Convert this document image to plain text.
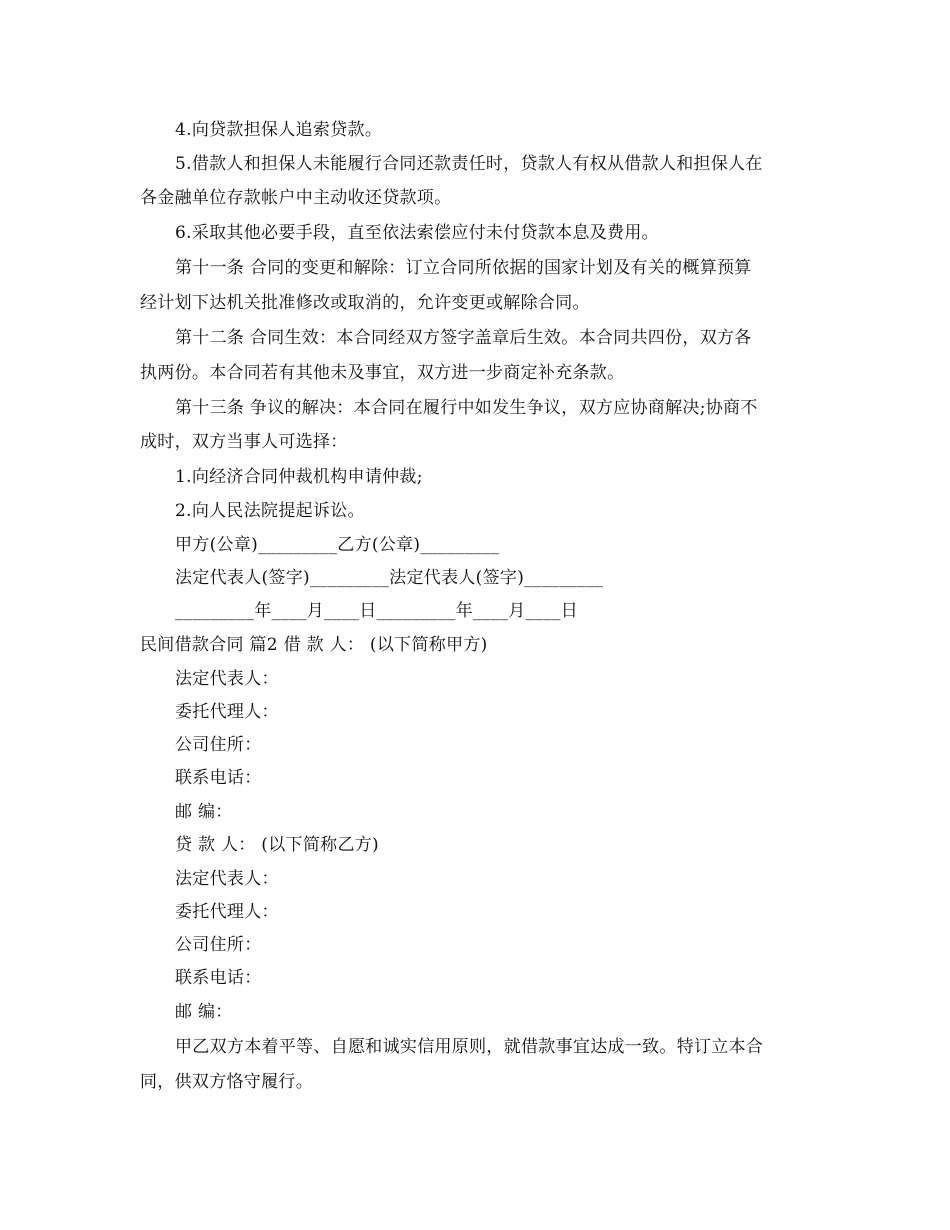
4.向贷款担保人追索贷款。
5.借款人和担保人未能履行合同还款责任时，贷款人有权从借款人和担保人在
各金融单位存款帐户中主动收还贷款项。
6.采取其他必要手段，直至依法索偿应付未付贷款本息及费用。
第十一条 合同的变更和解除：订立合同所依据的国家计划及有关的概算预算
经计划下达机关批准修改或取消的，允许变更或解除合同。
第十二条 合同生效：本合同经双方签字盖章后生效。本合同共四份，双方各
执两份。本合同若有其他未及事宜，双方进一步商定补充条款。
第十三条 争议的解决：本合同在履行中如发生争议，双方应协商解决;协商不
成时，双方当事人可选择：
1.向经济合同仲裁机构申请仲裁;
2.向人民法院提起诉讼。
甲方(公章)_________乙方(公章)_________
法定代表人(签字)_________法定代表人(签字)_________
_________年____月____日_________年____月____日
民间借款合同 篇2 借 款 人： (以下简称甲方)
法定代表人：
委托代理人：
公司住所：
联系电话：
邮 编：
贷 款 人： (以下简称乙方)
法定代表人：
委托代理人：
公司住所：
联系电话：
邮 编：
甲乙双方本着平等、自愿和诚实信用原则，就借款事宜达成一致。特订立本合
同，供双方恪守履行。
